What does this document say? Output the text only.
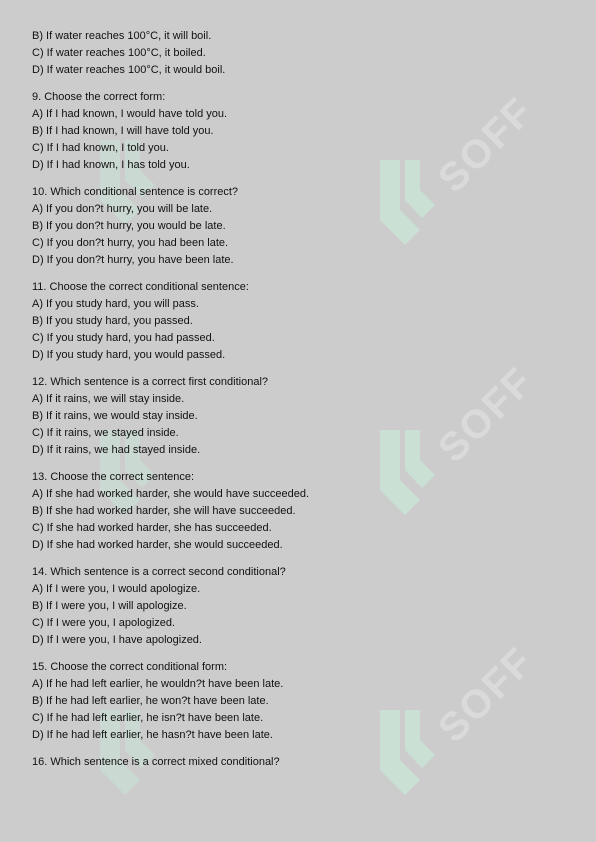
SOFF
SOFF
SOFF
B) If water reaches 100°C, it will boil.
C) If water reaches 100°C, it boiled.
D) If water reaches 100°C, it would boil.
9. Choose the correct form:
A) If I had known, I would have told you.
B) If I had known, I will have told you.
C) If I had known, I told you.
D) If I had known, I has told you.
10. Which conditional sentence is correct?
A) If you don?t hurry, you will be late.
B) If you don?t hurry, you would be late.
C) If you don?t hurry, you had been late.
D) If you don?t hurry, you have been late.
11. Choose the correct conditional sentence:
A) If you study hard, you will pass.
B) If you study hard, you passed.
C) If you study hard, you had passed.
D) If you study hard, you would passed.
12. Which sentence is a correct first conditional?
A) If it rains, we will stay inside.
B) If it rains, we would stay inside.
C) If it rains, we stayed inside.
D) If it rains, we had stayed inside.
13. Choose the correct sentence:
A) If she had worked harder, she would have succeeded.
B) If she had worked harder, she will have succeeded.
C) If she had worked harder, she has succeeded.
D) If she had worked harder, she would succeeded.
14. Which sentence is a correct second conditional?
A) If I were you, I would apologize.
B) If I were you, I will apologize.
C) If I were you, I apologized.
D) If I were you, I have apologized.
15. Choose the correct conditional form:
A) If he had left earlier, he wouldn?t have been late.
B) If he had left earlier, he won?t have been late.
C) If he had left earlier, he isn?t have been late.
D) If he had left earlier, he hasn?t have been late.
16. Which sentence is a correct mixed conditional?
